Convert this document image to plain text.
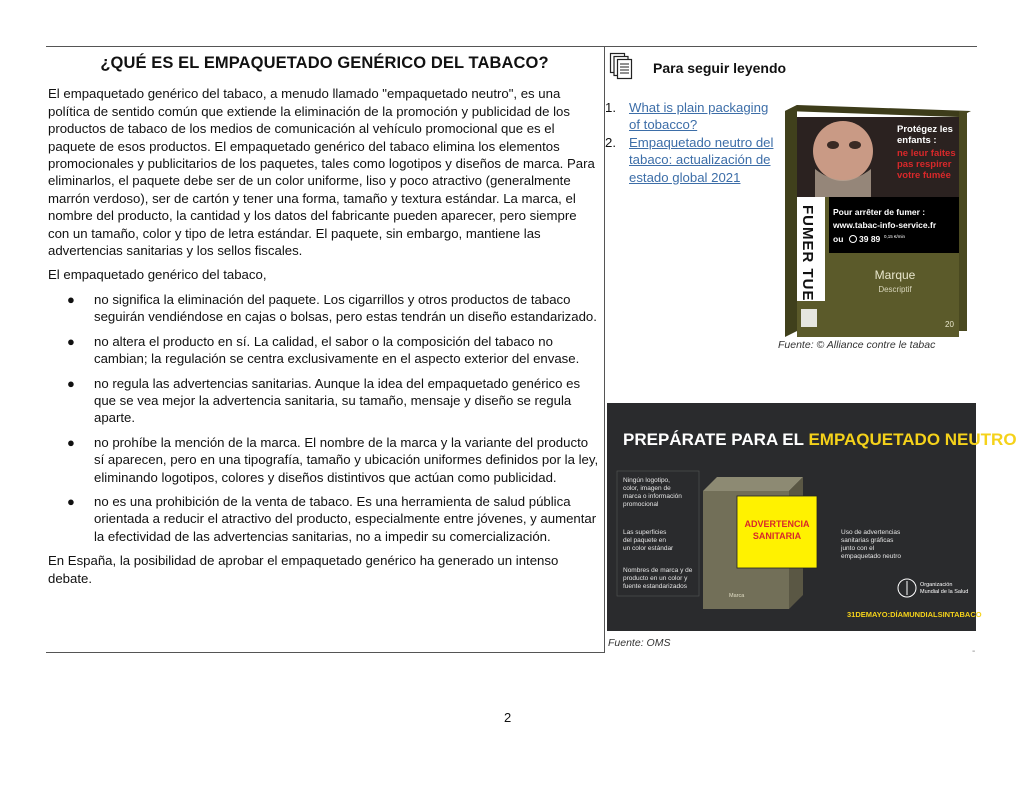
¿QUÉ ES EL EMPAQUETADO GENÉRICO DEL TABACO?

El empaquetado genérico del tabaco, a menudo llamado "empaquetado neutro", es una política de sentido común que extiende la eliminación de la promoción y publicidad de los productos de tabaco de los medios de comunicación al vehículo promocional que es el paquete de esos productos. El empaquetado genérico del tabaco elimina los elementos promocionales y publicitarios de los paquetes, tales como logotipos y diseños de marca. Para eliminarlos, el paquete debe ser de un color uniforme, liso y poco atractivo (generalmente marrón verdoso), ser de cartón y tener una forma, tamaño y textura estándar. La marca, el nombre del producto, la cantidad y los datos del fabricante pueden aparecer, pero siempre con un tamaño, color y tipo de letra estándar. El paquete, sin embargo, mantiene las advertencias sanitarias y los sellos fiscales.

El empaquetado genérico del tabaco,

● no significa la eliminación del paquete. Los cigarrillos y otros productos de tabaco seguirán vendiéndose en cajas o bolsas, pero estas tendrán un diseño estandarizado.
● no altera el producto en sí. La calidad, el sabor o la composición del tabaco no cambian; la regulación se centra exclusivamente en el aspecto exterior del envase.
● no regula las advertencias sanitarias. Aunque la idea del empaquetado genérico es que se vea mejor la advertencia sanitaria, su tamaño, mensaje y diseño se regula aparte.
● no prohíbe la mención de la marca. El nombre de la marca y la variante del producto sí aparecen, pero en una tipografía, tamaño y ubicación uniformes definidos por la ley, eliminando logotipos, colores y diseños distintivos que actúan como publicidad.
● no es una prohibición de la venta de tabaco. Es una herramienta de salud pública orientada a reducir el atractivo del producto, especialmente entre jóvenes, y aumentar la efectividad de las advertencias sanitarias, no a impedir su comercialización.

En España, la posibilidad de aprobar el empaquetado genérico ha generado un intenso debate.

Para seguir leyendo
1. What is plain packaging of tobacco?
2. Empaquetado neutro del tabaco: actualización de estado global 2021
Protégez les
enfants :
ne leur faites
pas respirer
votre fumée
FUMER TUE Pour arrêter de fumer :
www.tabac-info-service.fr
ou 39 89 0,15 €/min
Marque
Descriptif
20
Fuente: © Alliance contre le tabac
PREPÁRATE PARA EL EMPAQUETADO NEUTRO
Ningún logotipo,
color, imagen de
marca o información
promocional
Las superficies
del paquete en
un color estándar
Nombres de marca y de
producto en un color y
fuente estandarizados
Uso de advertencias
sanitarias gráficas
junto con el
empaquetado neutro
ADVERTENCIA
SANITARIA
Marca
Organización
Mundial de la Salud
31DEMAYO:DÍAMUNDIALSINTABACO
Fuente: OMS
-
2
